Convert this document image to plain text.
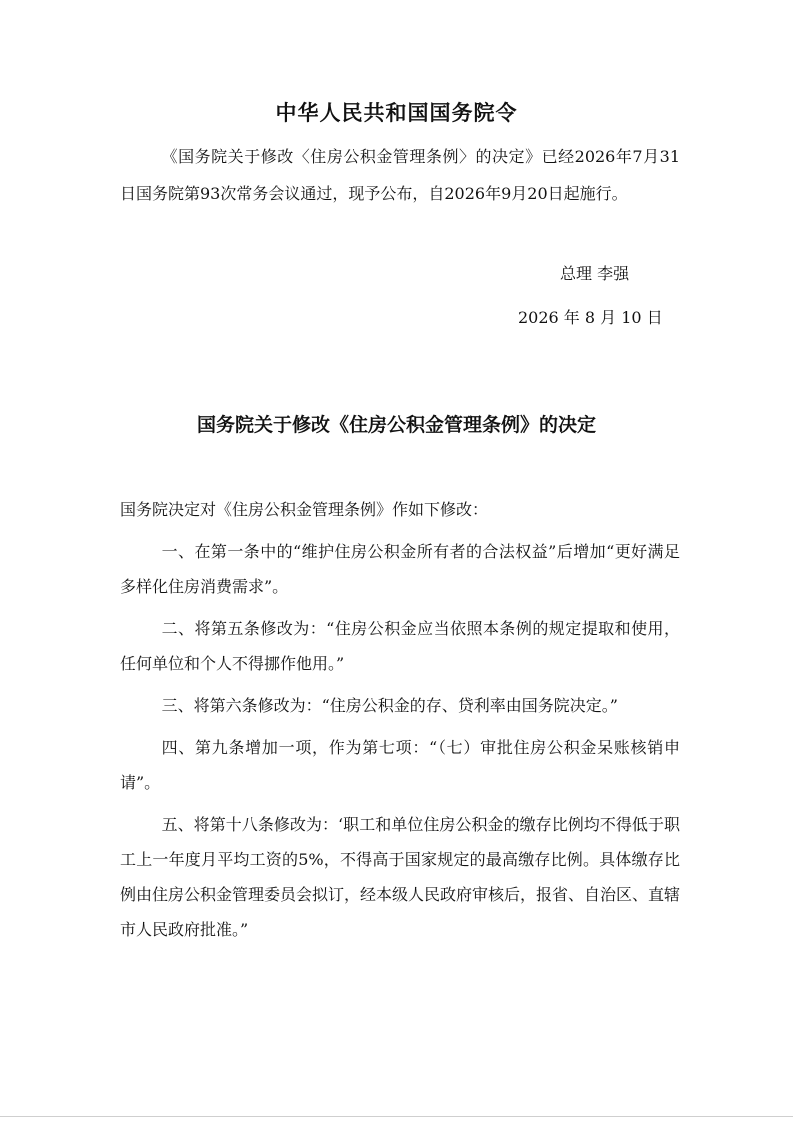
中华人民共和国国务院令

《国务院关于修改〈住房公积金管理条例〉的决定》已经2026年7月31日国务院第93次常务会议通过，现予公布，自2026年9月20日起施行。

总理 李强
2026 年 8 月 10 日
国务院关于修改《住房公积金管理条例》的决定

国务院决定对《住房公积金管理条例》作如下修改：

一、在第一条中的“维护住房公积金所有者的合法权益”后增加“更好满足多样化住房消费需求”。

二、将第五条修改为：“住房公积金应当依照本条例的规定提取和使用，任何单位和个人不得挪作他用。”

三、将第六条修改为：“住房公积金的存、贷利率由国务院决定。”

四、第九条增加一项，作为第七项：“（七）审批住房公积金呆账核销申请”。

五、将第十八条修改为：‘职工和单位住房公积金的缴存比例均不得低于职工上一年度月平均工资的5%，不得高于国家规定的最高缴存比例。具体缴存比例由住房公积金管理委员会拟订，经本级人民政府审核后，报省、自治区、直辖市人民政府批准。”
